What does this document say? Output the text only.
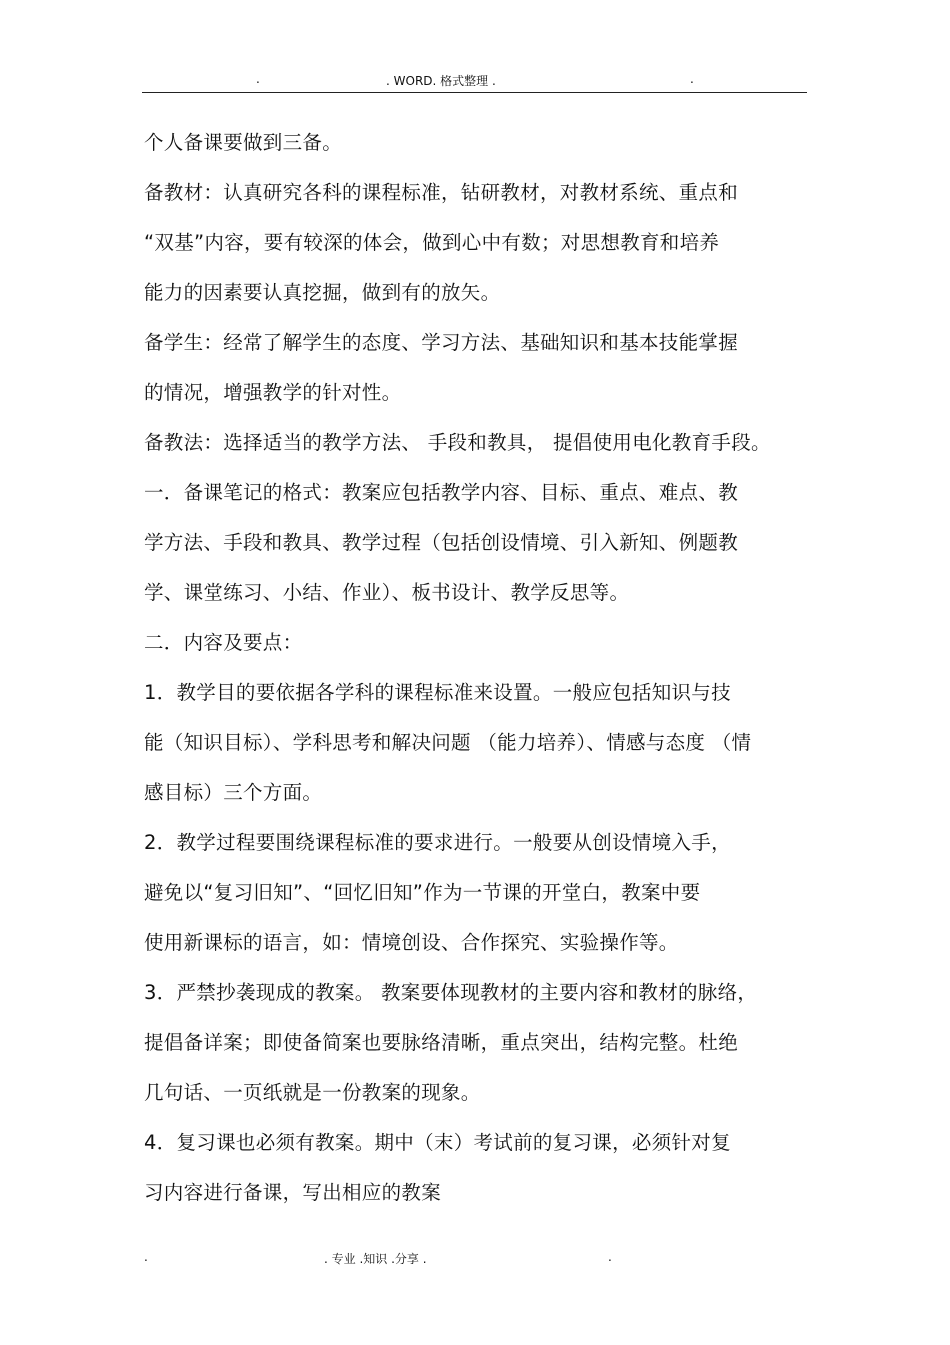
.	. WORD. 格式整理 .	.
个人备课要做到三备。
备教材：认真研究各科的课程标准，钻研教材，对教材系统、重点和
“双基”内容，要有较深的体会，做到心中有数；对思想教育和培养
能力的因素要认真挖掘，做到有的放矢。
备学生：经常了解学生的态度、学习方法、基础知识和基本技能掌握
的情况，增强教学的针对性。
备教法：选择适当的教学方法、 手段和教具， 提倡使用电化教育手段。
一．备课笔记的格式：教案应包括教学内容、目标、重点、难点、教
学方法、手段和教具、教学过程（包括创设情境、引入新知、例题教
学、课堂练习、小结、作业）、板书设计、教学反思等。
二．内容及要点：
1．教学目的要依据各学科的课程标准来设置。一般应包括知识与技
能（知识目标）、学科思考和解决问题 （能力培养）、情感与态度 （情
感目标）三个方面。
2．教学过程要围绕课程标准的要求进行。一般要从创设情境入手，
避免以“复习旧知”、“回忆旧知”作为一节课的开堂白，教案中要
使用新课标的语言，如：情境创设、合作探究、实验操作等。
3．严禁抄袭现成的教案。 教案要体现教材的主要内容和教材的脉络，
提倡备详案；即使备简案也要脉络清晰，重点突出，结构完整。杜绝
几句话、一页纸就是一份教案的现象。
4．复习课也必须有教案。期中（末）考试前的复习课，必须针对复
习内容进行备课，写出相应的教案
.	. 专业 .知识 .分享 .	.
